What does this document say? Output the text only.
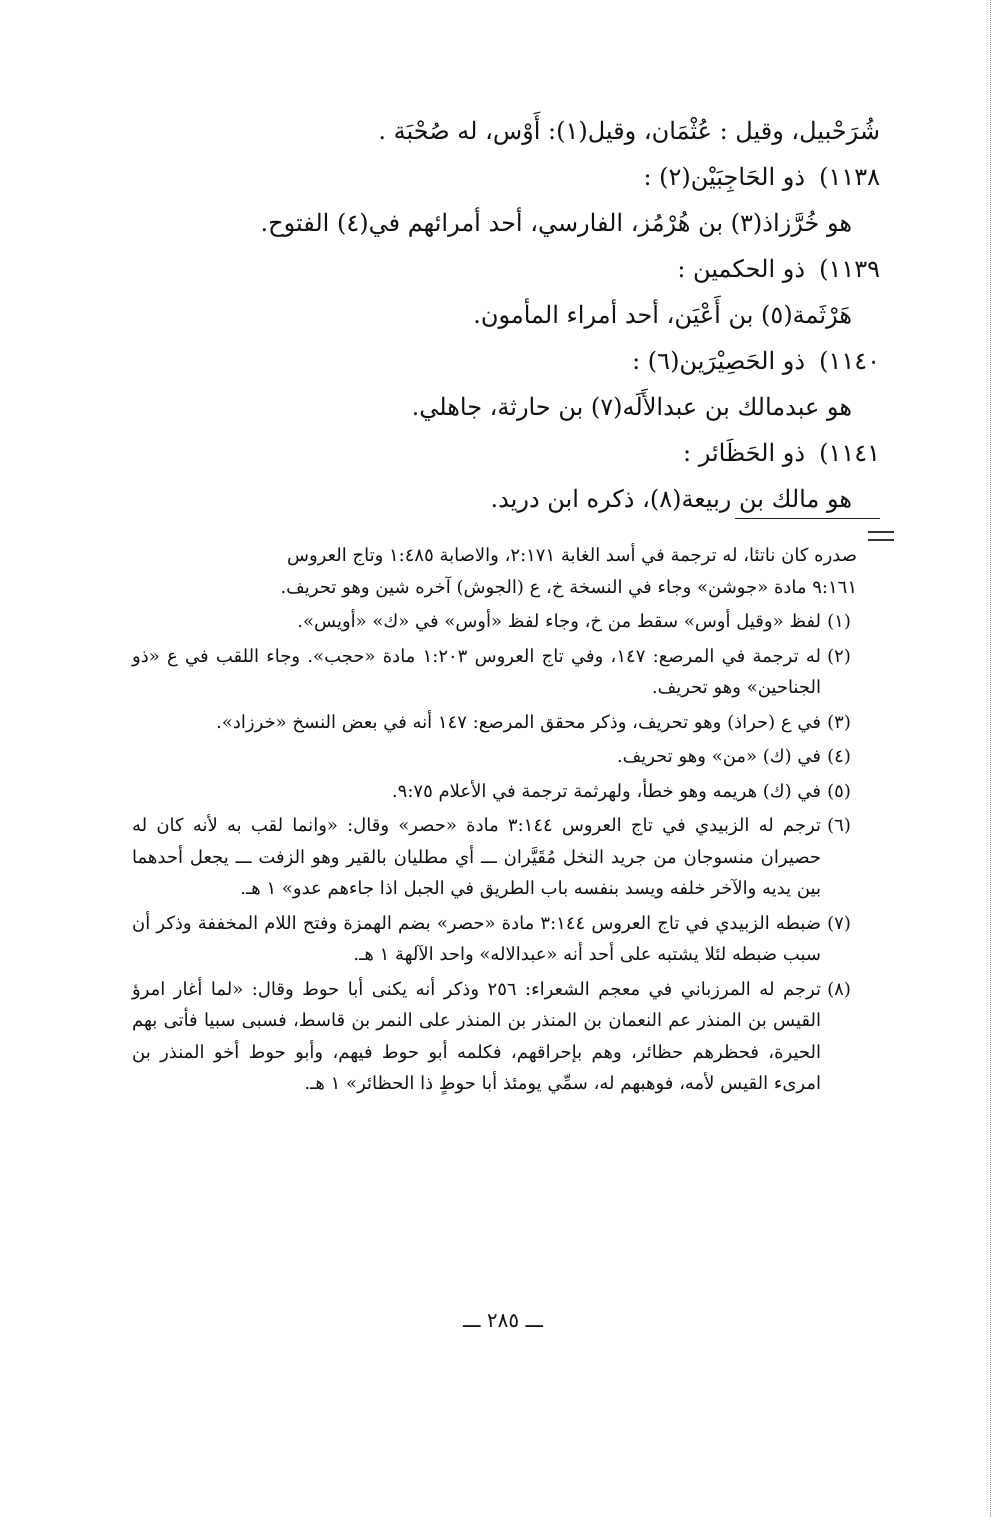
شُرَحْبيل، وقيل : عُثْمَان، وقيل(١): أَوْس، له صُحْبَة .
١١٣٨)ذو الحَاجِبَيْن(٢) :
هو خُرَّزاذ(٣) بن هُرْمُز، الفارسي، أحد أمرائهم في(٤) الفتوح.
١١٣٩)ذو الحكمين :
هَرْثَمة(٥) بن أَعْيَن، أحد أمراء المأمون.
١١٤٠)ذو الحَصِيْرَين(٦) :
هو عبدمالك بن عبدالأَلَه(٧) بن حارثة، جاهلي.
١١٤١)ذو الحَظَائر :
هو مالك بن ربيعة(٨)، ذكره ابن دريد.
صدره كان ناتئا، له ترجمة في أسد الغابة ٢:١٧١، والاصابة ١:٤٨٥ وتاج العروس
٩:١٦١ مادة «جوشن» وجاء في النسخة خ، ع (الجوش) آخره شين وهو تحريف.
(١)
لفظ «وقيل أوس» سقط من خ، وجاء لفظ «أوس» في «ك» «أويس».
(٢)
له ترجمة في المرصع: ١٤٧، وفي تاج العروس ١:٢٠٣ مادة «حجب». وجاء اللقب في ع «ذو الجناحين» وهو تحريف.
(٣)
في ع (حراذ) وهو تحريف، وذكر محقق المرصع: ١٤٧ أنه في بعض النسخ «خرزاد».
(٤)
في (ك) «من» وهو تحريف.
(٥)
في (ك) هريمه وهو خطأ، ولهرثمة ترجمة في الأعلام ٩:٧٥.
(٦)
ترجم له الزبيدي في تاج العروس ٣:١٤٤ مادة «حصر» وقال: «وانما لقب به لأنه كان له حصيران منسوجان من جريد النخل مُقَيَّران ـــ أي مطليان بالقير وهو الزفت ـــ يجعل أحدهما بين يديه والآخر خلفه ويسد بنفسه باب الطريق في الجبل اذا جاءهم عدو» ١ هـ.
(٧)
ضبطه الزبيدي في تاج العروس ٣:١٤٤ مادة «حصر» بضم الهمزة وفتح اللام المخففة وذكر أن سبب ضبطه لئلا يشتبه على أحد أنه «عبدالاله» واحد الآلهة ١ هـ.
(٨)
ترجم له المرزباني في معجم الشعراء: ٢٥٦ وذكر أنه يكنى أبا حوط وقال: «لما أغار امرؤ القيس بن المنذر عم النعمان بن المنذر بن المنذر على النمر بن قاسط، فسبى سبيا فأتى بهم الحيرة، فحظرهم حظائر، وهم بإحراقهم، فكلمه أبو حوط فيهم، وأبو حوط أخو المنذر بن امرىء القيس لأمه، فوهبهم له، سمِّي يومئذ أبا حوطٍ ذا الحظائر» ١ هـ.
ـــ ٢٨٥ ـــ
